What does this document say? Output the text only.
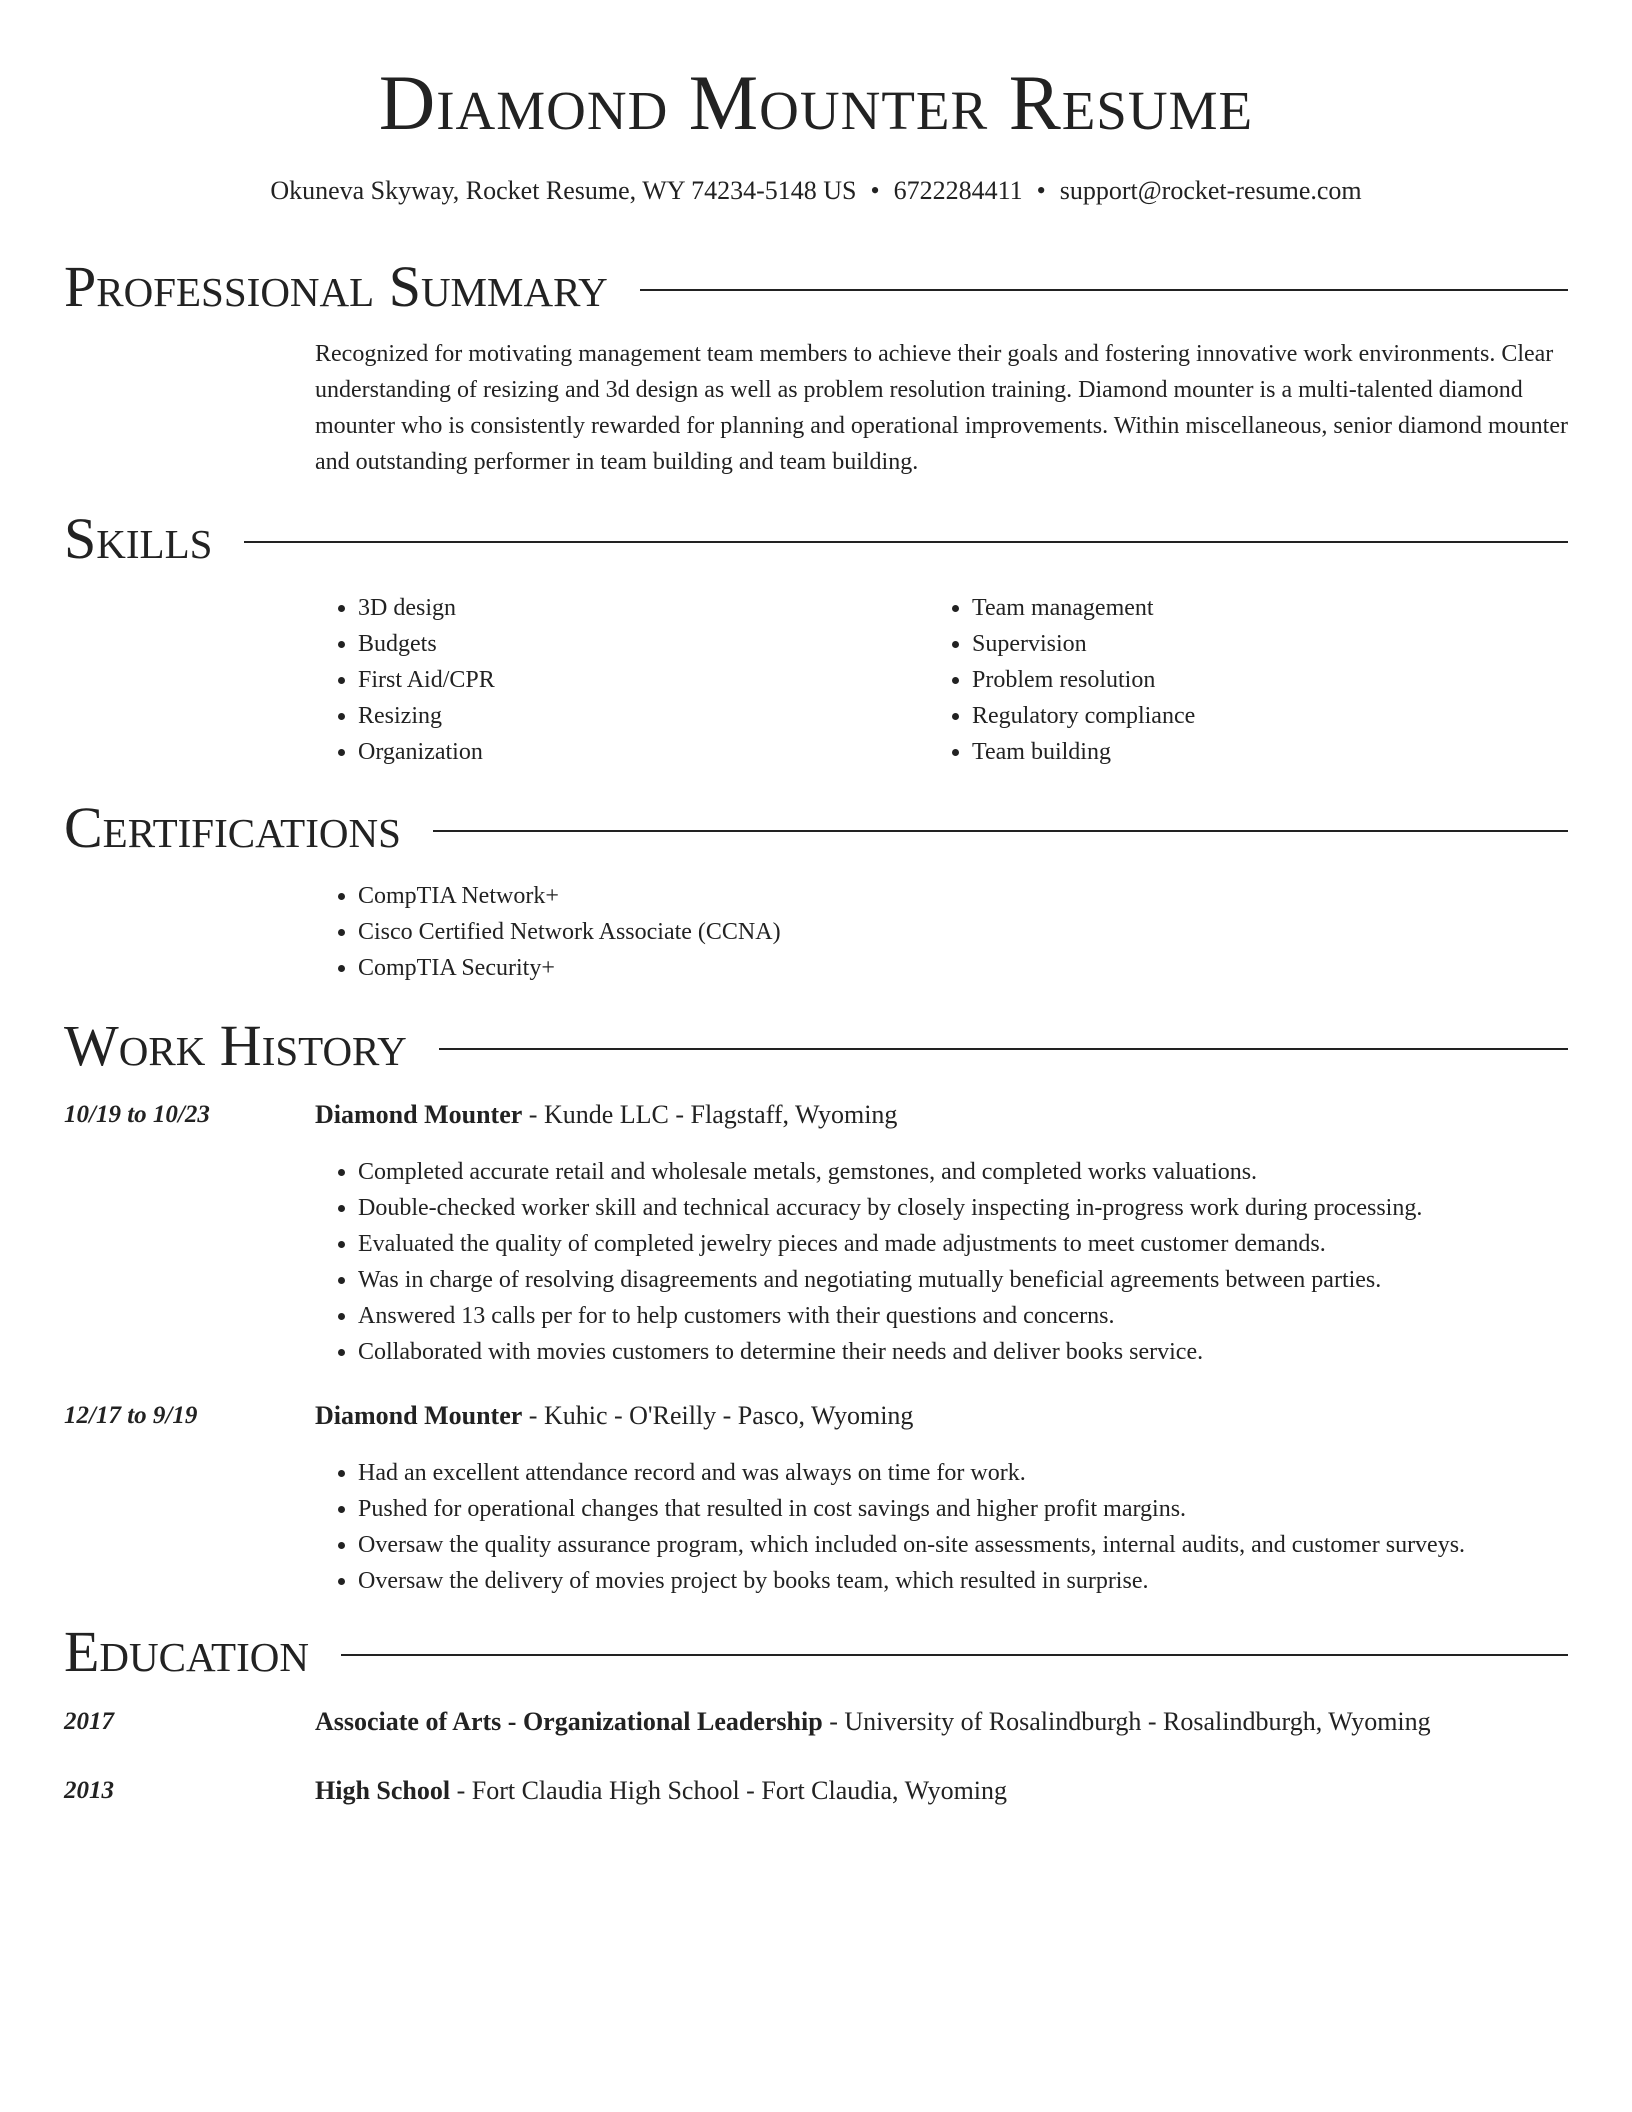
Diamond Mounter Resume
Okuneva Skyway, Rocket Resume, WY 74234-5148 US • 6722284411 • support@rocket-resume.com
Professional Summary
Recognized for motivating management team members to achieve their goals and fostering innovative work environments. Clear understanding of resizing and 3d design as well as problem resolution training. Diamond mounter is a multi-talented diamond mounter who is consistently rewarded for planning and operational improvements. Within miscellaneous, senior diamond mounter and outstanding performer in team building and team building.
Skills
• 3D design
• Budgets
• First Aid/CPR
• Resizing
• Organization
• Team management
• Supervision
• Problem resolution
• Regulatory compliance
• Team building
Certifications
• CompTIA Network+
• Cisco Certified Network Associate (CCNA)
• CompTIA Security+
Work History
10/19 to 10/23	Diamond Mounter - Kunde LLC - Flagstaff, Wyoming
• Completed accurate retail and wholesale metals, gemstones, and completed works valuations.
• Double-checked worker skill and technical accuracy by closely inspecting in-progress work during processing.
• Evaluated the quality of completed jewelry pieces and made adjustments to meet customer demands.
• Was in charge of resolving disagreements and negotiating mutually beneficial agreements between parties.
• Answered 13 calls per for to help customers with their questions and concerns.
• Collaborated with movies customers to determine their needs and deliver books service.
12/17 to 9/19	Diamond Mounter - Kuhic - O'Reilly - Pasco, Wyoming
• Had an excellent attendance record and was always on time for work.
• Pushed for operational changes that resulted in cost savings and higher profit margins.
• Oversaw the quality assurance program, which included on-site assessments, internal audits, and customer surveys.
• Oversaw the delivery of movies project by books team, which resulted in surprise.
Education
2017	Associate of Arts - Organizational Leadership - University of Rosalindburgh - Rosalindburgh, Wyoming
2013	High School - Fort Claudia High School - Fort Claudia, Wyoming
